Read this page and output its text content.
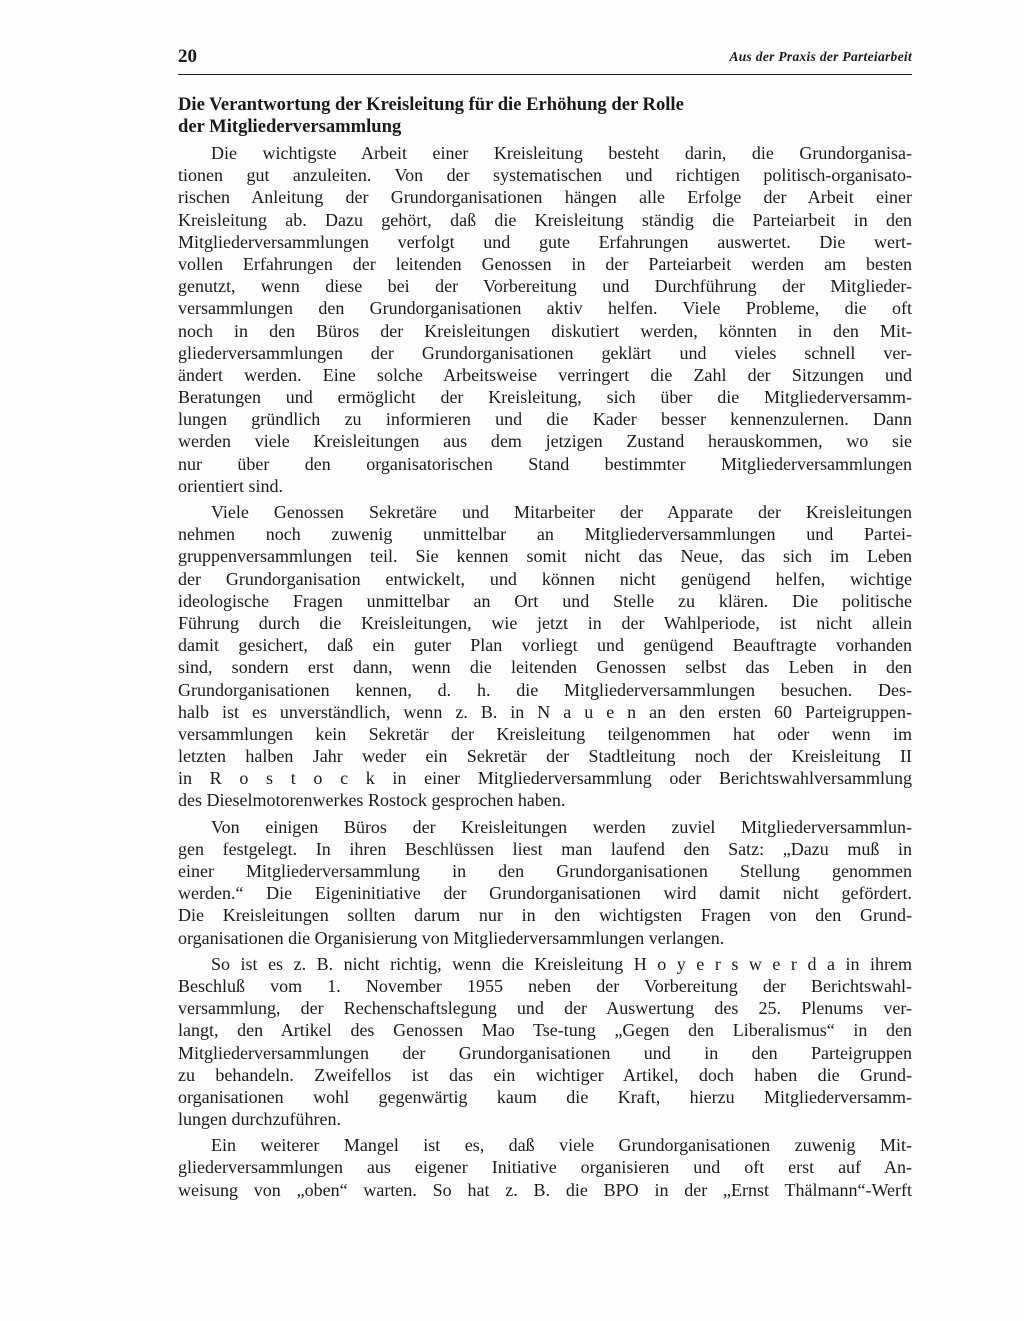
20	Aus der Praxis der Parteiarbeit
Die Verantwortung der Kreisleitung für die Erhöhung der Rolle
der Mitgliederversammlung
Die wichtigste Arbeit einer Kreisleitung besteht darin, die Grundorganisa-
tionen gut anzuleiten. Von der systematischen und richtigen politisch-organisato-
rischen Anleitung der Grundorganisationen hängen alle Erfolge der Arbeit einer
Kreisleitung ab. Dazu gehört, daß die Kreisleitung ständig die Parteiarbeit in den
Mitgliederversammlungen verfolgt und gute Erfahrungen auswertet. Die wert-
vollen Erfahrungen der leitenden Genossen in der Parteiarbeit werden am besten
genutzt, wenn diese bei der Vorbereitung und Durchführung der Mitglieder-
versammlungen den Grundorganisationen aktiv helfen. Viele Probleme, die oft
noch in den Büros der Kreisleitungen diskutiert werden, könnten in den Mit-
gliederversammlungen der Grundorganisationen geklärt und vieles schnell ver-
ändert werden. Eine solche Arbeitsweise verringert die Zahl der Sitzungen und
Beratungen und ermöglicht der Kreisleitung, sich über die Mitgliederversamm-
lungen gründlich zu informieren und die Kader besser kennenzulernen. Dann
werden viele Kreisleitungen aus dem jetzigen Zustand herauskommen, wo sie
nur über den organisatorischen Stand bestimmter Mitgliederversammlungen
orientiert sind.
Viele Genossen Sekretäre und Mitarbeiter der Apparate der Kreisleitungen
nehmen noch zuwenig unmittelbar an Mitgliederversammlungen und Partei-
gruppenversammlungen teil. Sie kennen somit nicht das Neue, das sich im Leben
der Grundorganisation entwickelt, und können nicht genügend helfen, wichtige
ideologische Fragen unmittelbar an Ort und Stelle zu klären. Die politische
Führung durch die Kreisleitungen, wie jetzt in der Wahlperiode, ist nicht allein
damit gesichert, daß ein guter Plan vorliegt und genügend Beauftragte vorhanden
sind, sondern erst dann, wenn die leitenden Genossen selbst das Leben in den
Grundorganisationen kennen, d. h. die Mitgliederversammlungen besuchen. Des-
halb ist es unverständlich, wenn z. B. in N a u e n an den ersten 60 Parteigruppen-
versammlungen kein Sekretär der Kreisleitung teilgenommen hat oder wenn im
letzten halben Jahr weder ein Sekretär der Stadtleitung noch der Kreisleitung II
in R o s t o c k in einer Mitgliederversammlung oder Berichtswahlversammlung
des Dieselmotorenwerkes Rostock gesprochen haben.
Von einigen Büros der Kreisleitungen werden zuviel Mitgliederversammlun-
gen festgelegt. In ihren Beschlüssen liest man laufend den Satz: „Dazu muß in
einer Mitgliederversammlung in den Grundorganisationen Stellung genommen
werden.“ Die Eigeninitiative der Grundorganisationen wird damit nicht gefördert.
Die Kreisleitungen sollten darum nur in den wichtigsten Fragen von den Grund-
organisationen die Organisierung von Mitgliederversammlungen verlangen.
So ist es z. B. nicht richtig, wenn die Kreisleitung H o y e r s w e r d a in ihrem
Beschluß vom 1. November 1955 neben der Vorbereitung der Berichtswahl-
versammlung, der Rechenschaftslegung und der Auswertung des 25. Plenums ver-
langt, den Artikel des Genossen Mao Tse-tung „Gegen den Liberalismus“ in den
Mitgliederversammlungen der Grundorganisationen und in den Parteigruppen
zu behandeln. Zweifellos ist das ein wichtiger Artikel, doch haben die Grund-
organisationen wohl gegenwärtig kaum die Kraft, hierzu Mitgliederversamm-
lungen durchzuführen.
Ein weiterer Mangel ist es, daß viele Grundorganisationen zuwenig Mit-
gliederversammlungen aus eigener Initiative organisieren und oft erst auf An-
weisung von „oben“ warten. So hat z. B. die BPO in der „Ernst Thälmann“-Werft
